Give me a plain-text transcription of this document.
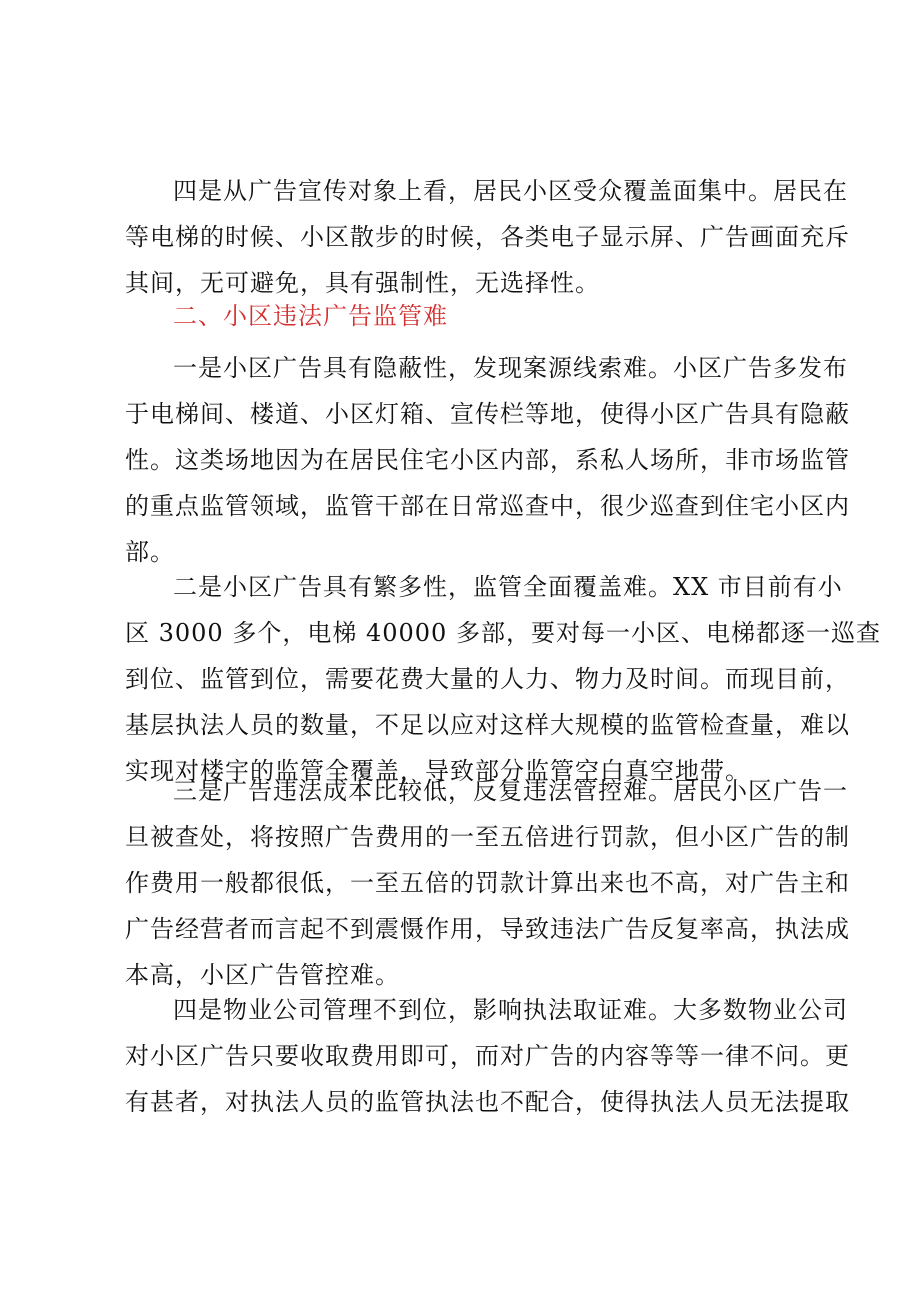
四是从广告宣传对象上看，居民小区受众覆盖面集中。居民在
等电梯的时候、小区散步的时候，各类电子显示屏、广告画面充斥
其间，无可避免，具有强制性，无选择性。

二、小区违法广告监管难

一是小区广告具有隐蔽性，发现案源线索难。小区广告多发布
于电梯间、楼道、小区灯箱、宣传栏等地，使得小区广告具有隐蔽
性。这类场地因为在居民住宅小区内部，系私人场所，非市场监管
的重点监管领域，监管干部在日常巡查中，很少巡查到住宅小区内
部。

二是小区广告具有繁多性，监管全面覆盖难。XX 市目前有小
区 3000 多个，电梯 40000 多部，要对每一小区、电梯都逐一巡查
到位、监管到位，需要花费大量的人力、物力及时间。而现目前，
基层执法人员的数量，不足以应对这样大规模的监管检查量，难以
实现对楼宇的监管全覆盖，导致部分监管空白真空地带。

三是广告违法成本比较低，反复违法管控难。居民小区广告一
旦被查处，将按照广告费用的一至五倍进行罚款，但小区广告的制
作费用一般都很低，一至五倍的罚款计算出来也不高，对广告主和
广告经营者而言起不到震慑作用，导致违法广告反复率高，执法成
本高，小区广告管控难。

四是物业公司管理不到位，影响执法取证难。大多数物业公司
对小区广告只要收取费用即可，而对广告的内容等等一律不问。更
有甚者，对执法人员的监管执法也不配合，使得执法人员无法提取
